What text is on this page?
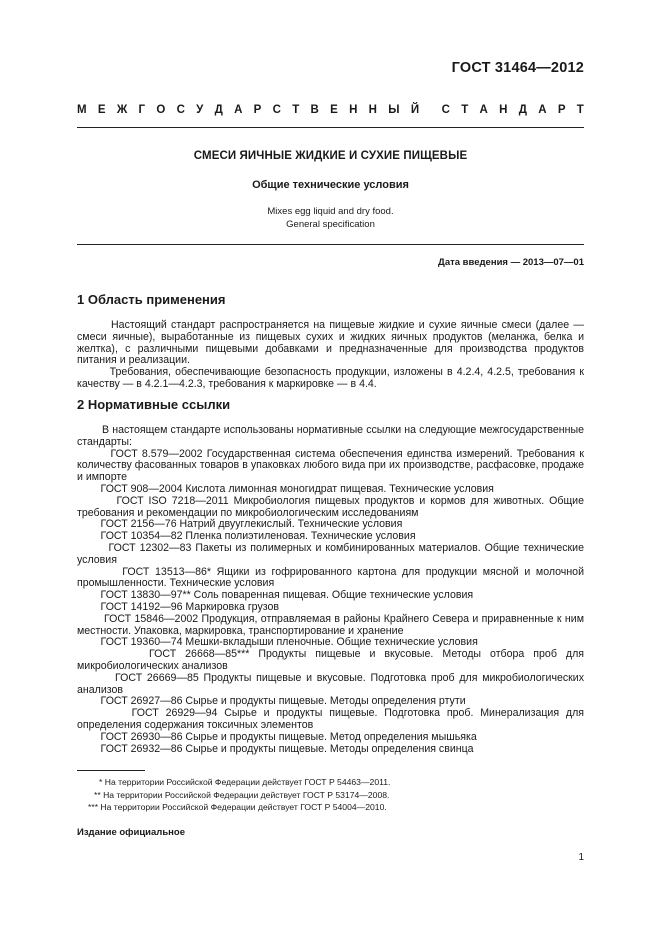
ГОСТ 31464—2012
М Е Ж Г О С У Д А Р С Т В Е Н Н Ы Й С Т А Н Д А Р Т
СМЕСИ ЯИЧНЫЕ ЖИДКИЕ И СУХИЕ ПИЩЕВЫЕ
Общие технические условия
Mixes egg liquid and dry food.
General specification
Дата введения — 2013—07—01
1 Область применения

Настоящий стандарт распространяется на пищевые жидкие и сухие яичные смеси (далее — смеси яичные), выработанные из пищевых сухих и жидких яичных продуктов (меланжа, белка и желтка), с различными пищевыми добавками и предназначенные для производства продуктов питания и реализации.

Требования, обеспечивающие безопасность продукции, изложены в 4.2.4, 4.2.5, требования к качеству — в 4.2.1—4.2.3, требования к маркировке — в 4.4.

2 Нормативные ссылки

В настоящем стандарте использованы нормативные ссылки на следующие межгосударственные стандарты:

ГОСТ 8.579—2002 Государственная система обеспечения единства измерений. Требования к количеству фасованных товаров в упаковках любого вида при их производстве, расфасовке, продаже и импорте

ГОСТ 908—2004 Кислота лимонная моногидрат пищевая. Технические условия

ГОСТ ISO 7218—2011 Микробиология пищевых продуктов и кормов для животных. Общие требования и рекомендации по микробиологическим исследованиям

ГОСТ 2156—76 Натрий двууглекислый. Технические условия

ГОСТ 10354—82 Пленка полиэтиленовая. Технические условия

ГОСТ 12302—83 Пакеты из полимерных и комбинированных материалов. Общие технические условия

ГОСТ 13513—86* Ящики из гофрированного картона для продукции мясной и молочной промышленности. Технические условия

ГОСТ 13830—97** Соль поваренная пищевая. Общие технические условия

ГОСТ 14192—96 Маркировка грузов

ГОСТ 15846—2002 Продукция, отправляемая в районы Крайнего Севера и приравненные к ним местности. Упаковка, маркировка, транспортирование и хранение

ГОСТ 19360—74 Мешки-вкладыши пленочные. Общие технические условия

ГОСТ 26668—85*** Продукты пищевые и вкусовые. Методы отбора проб для микробиологических анализов

ГОСТ 26669—85 Продукты пищевые и вкусовые. Подготовка проб для микробиологических анализов

ГОСТ 26927—86 Сырье и продукты пищевые. Методы определения ртути

ГОСТ 26929—94 Сырье и продукты пищевые. Подготовка проб. Минерализация для определения содержания токсичных элементов

ГОСТ 26930—86 Сырье и продукты пищевые. Метод определения мышьяка

ГОСТ 26932—86 Сырье и продукты пищевые. Методы определения свинца

* На территории Российской Федерации действует ГОСТ Р 54463—2011.
** На территории Российской Федерации действует ГОСТ Р 53174—2008.
*** На территории Российской Федерации действует ГОСТ Р 54004—2010.
Издание официальное
1
